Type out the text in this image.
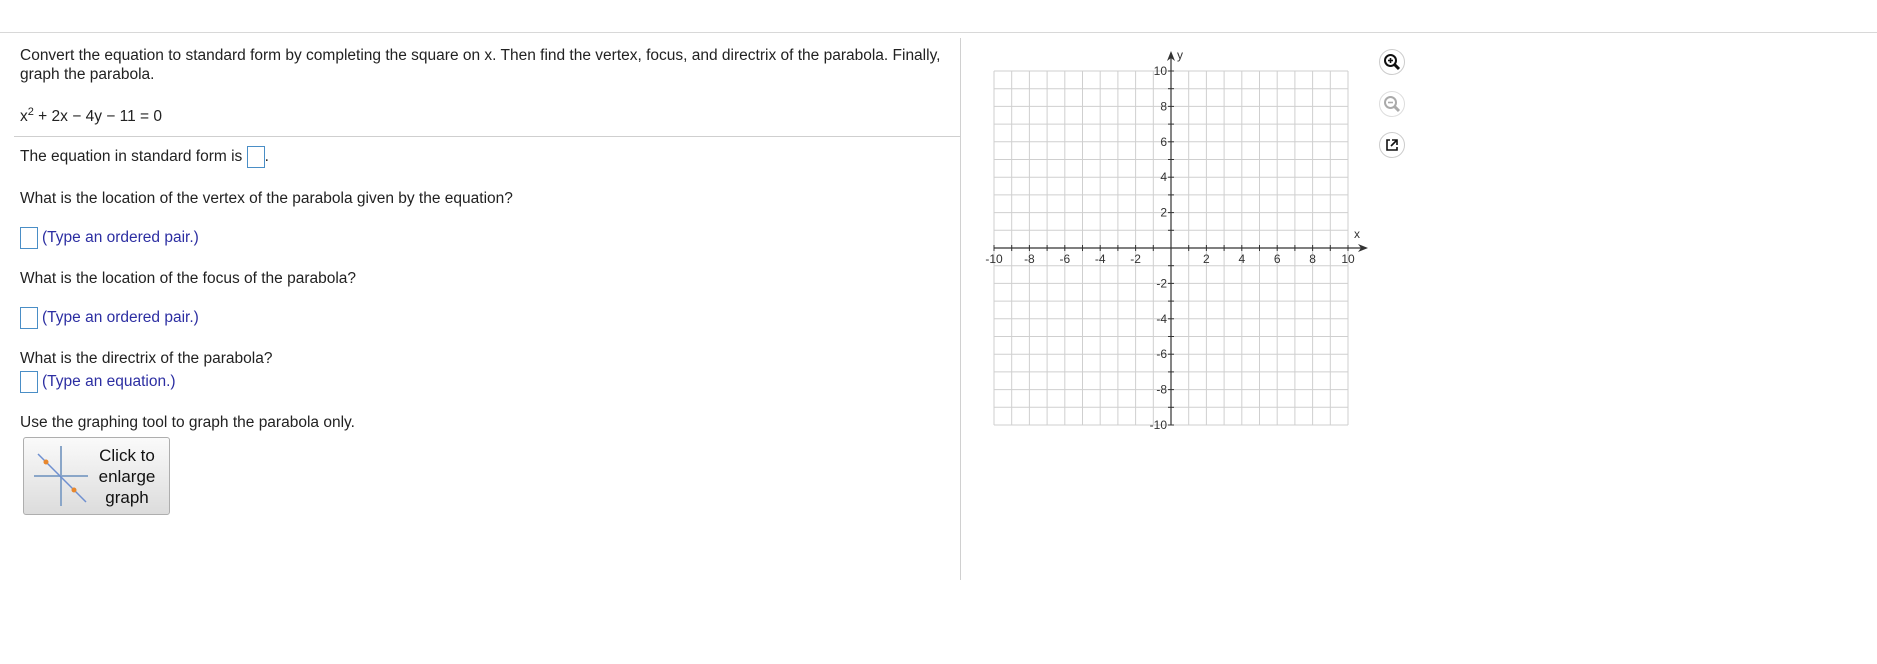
Convert the equation to standard form by completing the square on x. Then find the vertex, focus, and directrix of the parabola. Finally, graph the parabola.
$x^2 + 2x - 4y - 11 = 0$
The equation in standard form is .
What is the location of the vertex of the parabola given by the equation?
(Type an ordered pair.)
What is the location of the focus of the parabola?
(Type an ordered pair.)
What is the directrix of the parabola?
(Type an equation.)
Use the graphing tool to graph the parabola only.
Click to
enlarge
graph
-10 -8 -6 -4 -2	2 4 6 8 10
10
8
6
4
2
-2
-4
-6
-8
-10
x
y
